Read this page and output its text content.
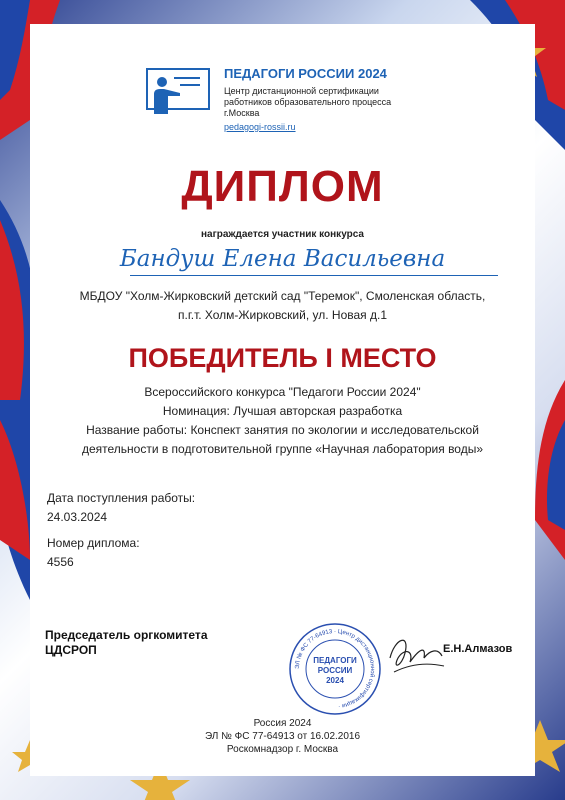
ПЕДАГОГИ РОССИИ 2024
Центр дистанционной сертификации
работников образовательного процесса
г.Москва
pedagogi-rossii.ru
ДИПЛОМ
награждается участник конкурса
Бандуш Елена Васильевна
МБДОУ "Холм-Жирковский детский сад "Теремок", Смоленская область,
п.г.т. Холм-Жирковский, ул. Новая д.1
ПОБЕДИТЕЛЬ I МЕСТО
Всероссийского конкурса "Педагоги России 2024"
Номинация: Лучшая авторская разработка
Название работы: Конспект занятия по экологии и исследовательской
деятельности в подготовительной группе «Научная лаборатория воды»
Дата поступления работы:
24.03.2024
Номер диплома:
4556
Председатель оргкомитета
ЦДСРОП
ЭЛ № ФС 77-64913 · Центр дистанционной сертификации ·
ПЕДАГОГИ
РОССИИ
2024
Е.Н.Алмазов
Россия 2024
ЭЛ № ФС 77-64913 от 16.02.2016
Роскомнадзор г. Москва
